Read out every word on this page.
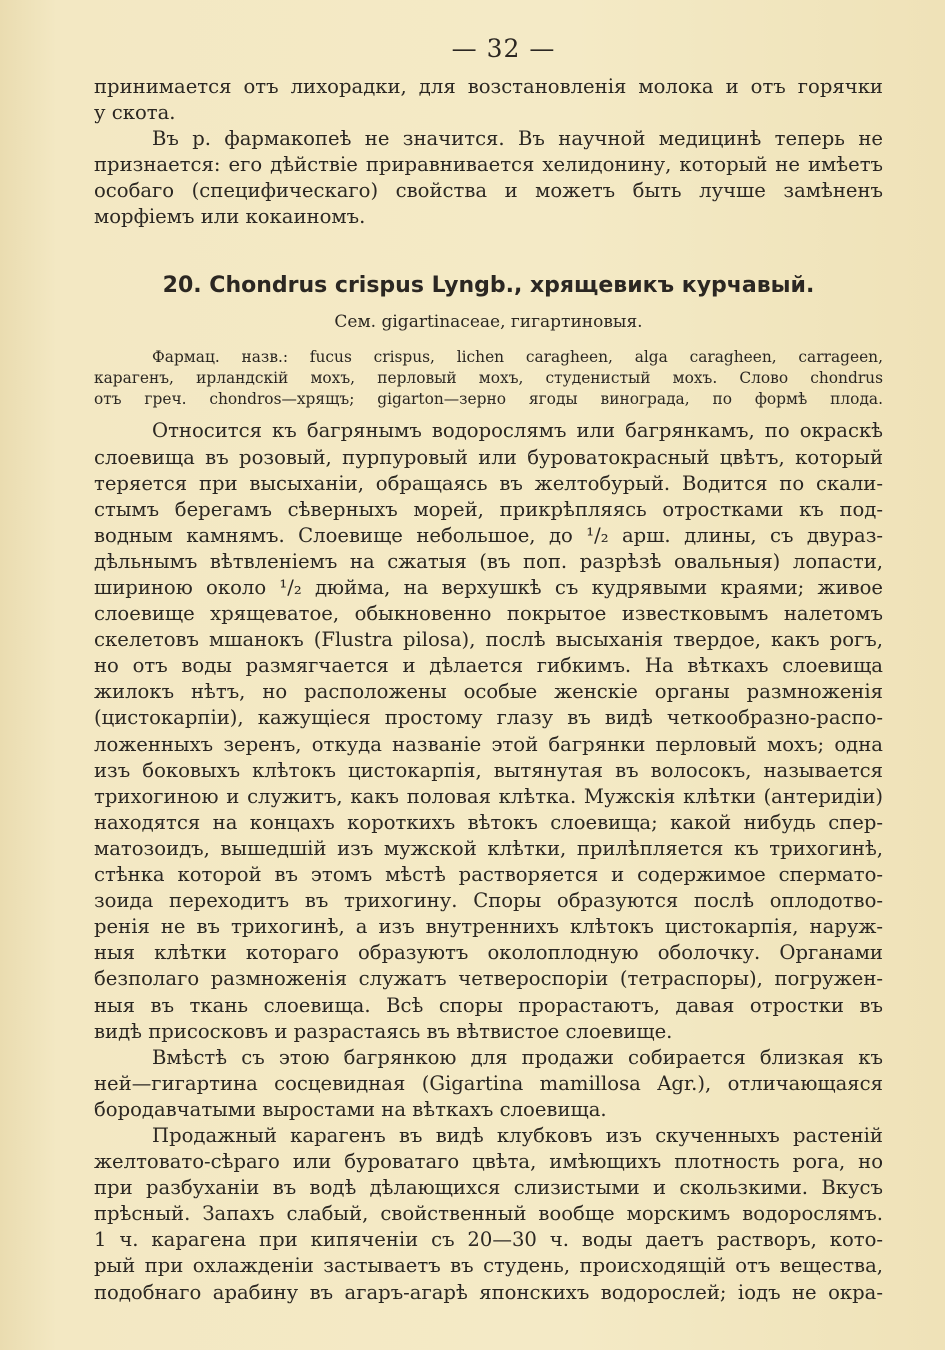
— 32 —

принимается отъ лихорадки, для возстановленія молока и отъ горячки

у скота.

Въ р. фармакопеѣ не значится. Въ научной медицинѣ теперь не

признается: его дѣйствіе приравнивается хелидонину, который не имѣетъ

особаго (специфическаго) свойства и можетъ быть лучше замѣненъ

морфіемъ или кокаиномъ.

20. Chondrus crispus Lyngb., хрящевикъ курчавый.
Сем. gigartinaceae, гигартиновыя.

Фармац. назв.: fucus crispus, lichen caragheen, alga caragheen, carrageen,

карагенъ, ирландскій мохъ, перловый мохъ, студенистый мохъ. Слово chondrus

отъ греч. chondros—хрящъ; gigarton—зерно ягоды винограда, по формѣ плода.

Относится къ багрянымъ водорослямъ или багрянкамъ, по окраскѣ

слоевища въ розовый, пурпуровый или буроватокрасный цвѣтъ, который

теряется при высыханіи, обращаясь въ желтобурый. Водится по скали-

стымъ берегамъ сѣверныхъ морей, прикрѣпляясь отростками къ под-

водным камнямъ. Слоевище небольшое, до ¹/₂ арш. длины, съ двураз-

дѣльнымъ вѣтвленіемъ на сжатыя (въ поп. разрѣзѣ овальныя) лопасти,

шириною около ¹/₂ дюйма, на верхушкѣ съ кудрявыми краями; живое

слоевище хрящеватое, обыкновенно покрытое известковымъ налетомъ

скелетовъ мшанокъ (Flustra pilosa), послѣ высыханія твердое, какъ рогъ,

но отъ воды размягчается и дѣлается гибкимъ. На вѣткахъ слоевища

жилокъ нѣтъ, но расположены особые женскіе органы размноженія

(цистокарпіи), кажущіеся простому глазу въ видѣ четкообразно-распо-

ложенныхъ зеренъ, откуда названіе этой багрянки перловый мохъ; одна

изъ боковыхъ клѣтокъ цистокарпія, вытянутая въ волосокъ, называется

трихогиною и служитъ, какъ половая клѣтка. Мужскія клѣтки (антеридіи)

находятся на концахъ короткихъ вѣтокъ слоевища; какой нибудь спер-

матозоидъ, вышедшій изъ мужской клѣтки, прилѣпляется къ трихогинѣ,

стѣнка которой въ этомъ мѣстѣ растворяется и содержимое спермато-

зоида переходитъ въ трихогину. Споры образуются послѣ оплодотво-

ренія не въ трихогинѣ, а изъ внутреннихъ клѣтокъ цистокарпія, наруж-

ныя клѣтки котораго образуютъ околоплодную оболочку. Органами

безполаго размноженія служатъ четвероспоріи (тетраспоры), погружен-

ныя въ ткань слоевища. Всѣ споры прорастаютъ, давая отростки въ

видѣ присосковъ и разрастаясь въ вѣтвистое слоевище.

Вмѣстѣ съ этою багрянкою для продажи собирается близкая къ

ней—гигартина сосцевидная (Gigartina mamillosa Agr.), отличающаяся

бородавчатыми выростами на вѣткахъ слоевища.

Продажный карагенъ въ видѣ клубковъ изъ скученныхъ растеній

желтовато-сѣраго или буроватаго цвѣта, имѣющихъ плотность рога, но

при разбуханіи въ водѣ дѣлающихся слизистыми и скользкими. Вкусъ

прѣсный. Запахъ слабый, свойственный вообще морскимъ водорослямъ.

1 ч. карагена при кипяченіи съ 20—30 ч. воды даетъ растворъ, кото-

рый при охлажденіи застываетъ въ студень, происходящій отъ вещества,

подобнаго арабину въ агаръ-агарѣ японскихъ водорослей; іодъ не окра-
